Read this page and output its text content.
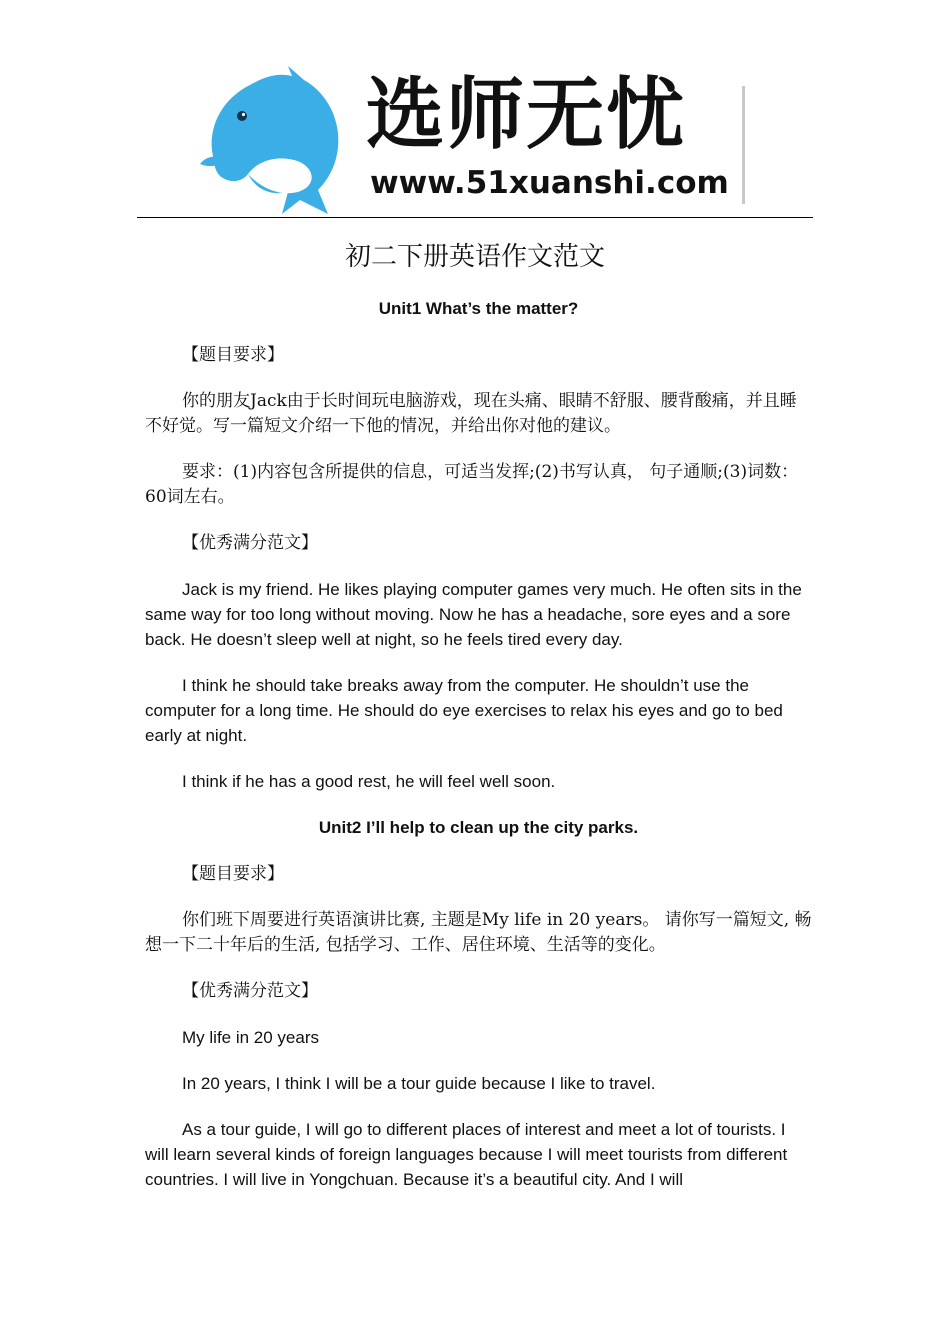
选师无忧
www.51xuanshi.com
初二下册英语作文范文

Unit1 What’s the matter?

【题目要求】

你的朋友Jack由于长时间玩电脑游戏，现在头痛、眼睛不舒服、腰背酸痛，并且睡不好觉。写一篇短文介绍一下他的情况，并给出你对他的建议。

要求：(1)内容包含所提供的信息，可适当发挥;(2)书写认真， 句子通顺;(3)词数：60词左右。

【优秀满分范文】

Jack is my friend. He likes playing computer games very much. He often sits in the same way for too long without moving. Now he has a headache, sore eyes and a sore back. He doesn’t sleep well at night, so he feels tired every day.

I think he should take breaks away from the computer. He shouldn’t use the computer for a long time. He should do eye exercises to relax his eyes and go to bed early at night.

I think if he has a good rest, he will feel well soon.

Unit2 I’ll help to clean up the city parks.

【题目要求】

你们班下周要进行英语演讲比赛, 主题是My life in 20 years。 请你写一篇短文, 畅想一下二十年后的生活, 包括学习、工作、居住环境、生活等的变化。

【优秀满分范文】

My life in 20 years

In 20 years, I think I will be a tour guide because I like to travel.

As a tour guide, I will go to different places of interest and meet a lot of tourists. I will learn several kinds of foreign languages because I will meet tourists from different countries. I will live in Yongchuan. Because it’s a beautiful city. And I will
